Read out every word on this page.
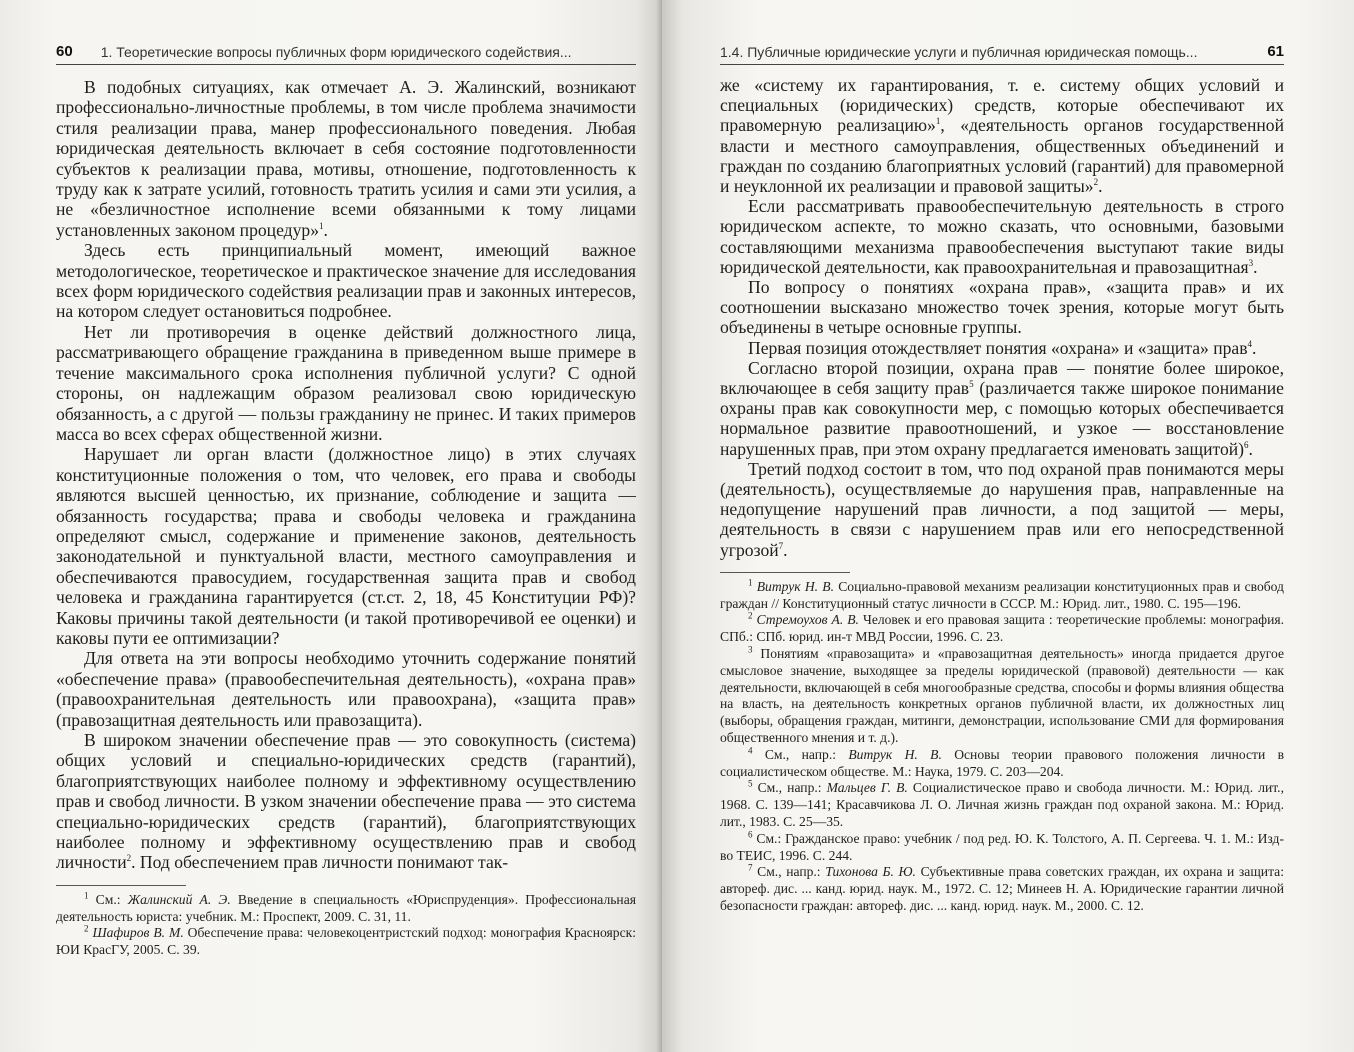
60 1. Теоретические вопросы публичных форм юридического содействия...

В подобных ситуациях, как отмечает А. Э. Жалинский, возникают профессионально-личностные проблемы, в том числе проблема значимости стиля реализации права, манер профессионального поведения. Любая юридическая деятельность включает в себя состояние подготовленности субъектов к реализации права, мотивы, отношение, подготовленность к труду как к затрате усилий, готовность тратить усилия и сами эти усилия, а не «безличностное исполнение всеми обязанными к тому лицами установленных законом процедур»$^1$.

Здесь есть принципиальный момент, имеющий важное методологическое, теоретическое и практическое значение для исследования всех форм юридического содействия реализации прав и законных интересов, на котором следует остановиться подробнее.

Нет ли противоречия в оценке действий должностного лица, рассматривающего обращение гражданина в приведенном выше примере в течение максимального срока исполнения публичной услуги? С одной стороны, он надлежащим образом реализовал свою юридическую обязанность, а с другой — пользы гражданину не принес. И таких примеров масса во всех сферах общественной жизни.

Нарушает ли орган власти (должностное лицо) в этих случаях конституционные положения о том, что человек, его права и свободы являются высшей ценностью, их признание, соблюдение и защита — обязанность государства; права и свободы человека и гражданина определяют смысл, содержание и применение законов, деятельность законодательной и пунктуальной власти, местного самоуправления и обеспечиваются правосудием, государственная защита прав и свобод человека и гражданина гарантируется (ст.ст. 2, 18, 45 Конституции РФ)? Каковы причины такой деятельности (и такой противоречивой ее оценки) и каковы пути ее оптимизации?

Для ответа на эти вопросы необходимо уточнить содержание понятий «обеспечение права» (правообеспечительная деятельность), «охрана прав» (правоохранительная деятельность или правоохрана), «защита прав» (правозащитная деятельность или правозащита).

В широком значении обеспечение прав — это совокупность (система) общих условий и специально-юридических средств (гарантий), благоприятствующих наиболее полному и эффективному осуществлению прав и свобод личности. В узком значении обеспечение права — это система специально-юридических средств (гарантий), благоприятствующих наиболее полному и эффективному осуществлению прав и свобод личности$^2$. Под обеспечением прав личности понимают так-

$^1$ См.: Жалинский А. Э. Введение в специальность «Юриспруденция». Профессиональная деятельность юриста: учебник. М.: Проспект, 2009. С. 31, 11.

$^2$ Шафиров В. М. Обеспечение права: человекоцентристский подход: монография Красноярск: ЮИ КрасГУ, 2005. С. 39.

1.4. Публичные юридические услуги и публичная юридическая помощь...	61

же «систему их гарантирования, т. е. систему общих условий и специальных (юридических) средств, которые обеспечивают их правомерную реализацию»$^1$, «деятельность органов государственной власти и местного самоуправления, общественных объединений и граждан по созданию благоприятных условий (гарантий) для правомерной и неуклонной их реализации и правовой защиты»$^2$.

Если рассматривать правообеспечительную деятельность в строго юридическом аспекте, то можно сказать, что основными, базовыми составляющими механизма правообеспечения выступают такие виды юридической деятельности, как правоохранительная и правозащитная$^3$.

По вопросу о понятиях «охрана прав», «защита прав» и их соотношении высказано множество точек зрения, которые могут быть объединены в четыре основные группы.

Первая позиция отождествляет понятия «охрана» и «защита» прав$^4$.

Согласно второй позиции, охрана прав — понятие более широкое, включающее в себя защиту прав$^5$ (различается также широкое понимание охраны прав как совокупности мер, с помощью которых обеспечивается нормальное развитие правоотношений, и узкое — восстановление нарушенных прав, при этом охрану предлагается именовать защитой)$^6$.

Третий подход состоит в том, что под охраной прав понимаются меры (деятельность), осуществляемые до нарушения прав, направленные на недопущение нарушений прав личности, а под защитой — меры, деятельность в связи с нарушением прав или его непосредственной угрозой$^7$.

$^1$ Витрук Н. В. Социально-правовой механизм реализации конституционных прав и свобод граждан // Конституционный статус личности в СССР. М.: Юрид. лит., 1980. С. 195—196.

$^2$ Стремоухов А. В. Человек и его правовая защита : теоретические проблемы: монография. СПб.: СПб. юрид. ин-т МВД России, 1996. С. 23.

$^3$ Понятиям «правозащита» и «правозащитная деятельность» иногда придается другое смысловое значение, выходящее за пределы юридической (правовой) деятельности — как деятельности, включающей в себя многообразные средства, способы и формы влияния общества на власть, на деятельность конкретных органов публичной власти, их должностных лиц (выборы, обращения граждан, митинги, демонстрации, использование СМИ для формирования общественного мнения и т. д.).

$^4$ См., напр.: Витрук Н. В. Основы теории правового положения личности в социалистическом обществе. М.: Наука, 1979. С. 203—204.

$^5$ См., напр.: Мальцев Г. В. Социалистическое право и свобода личности. М.: Юрид. лит., 1968. С. 139—141; Красавчикова Л. О. Личная жизнь граждан под охраной закона. М.: Юрид. лит., 1983. С. 25—35.

$^6$ См.: Гражданское право: учебник / под ред. Ю. К. Толстого, А. П. Сергеева. Ч. 1. М.: Изд-во ТЕИС, 1996. С. 244.

$^7$ См., напр.: Тихонова Б. Ю. Субъективные права советских граждан, их охрана и защита: автореф. дис. ... канд. юрид. наук. М., 1972. С. 12; Минеев Н. А. Юридические гарантии личной безопасности граждан: автореф. дис. ... канд. юрид. наук. М., 2000. С. 12.
